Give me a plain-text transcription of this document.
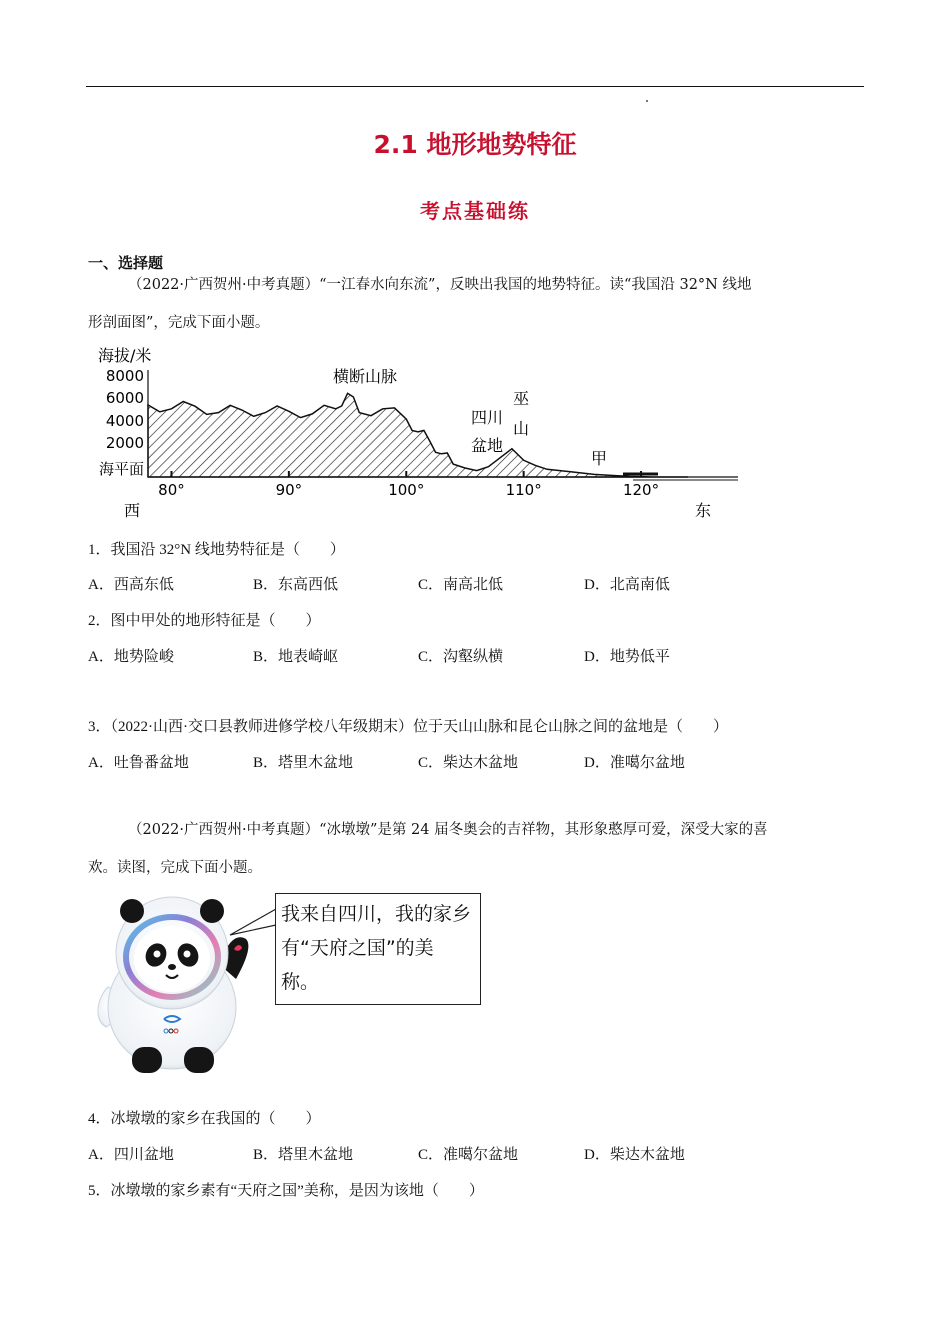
2.1 地形地势特征
考点基础练
一、选择题
（2022·广西贺州·中考真题）“一江春水向东流”，反映出我国的地势特征。读“我国沿 32°N 线地
形剖面图”，完成下面小题。
海拔/米
8000
6000
4000
2000
海平面
80°	90°	100°	110°	120°
横断山脉
四川
盆地
巫
山
甲
西	东
1．我国沿 32°N 线地势特征是（　　）
A．西高东低	B．东高西低	C．南高北低	D．北高南低
2．图中甲处的地形特征是（　　）
A．地势险峻	B．地表崎岖	C．沟壑纵横	D．地势低平
3．（2022·山西·交口县教师进修学校八年级期末）位于天山山脉和昆仑山脉之间的盆地是（　　）
A．吐鲁番盆地	B．塔里木盆地	C．柴达木盆地	D．准噶尔盆地
（2022·广西贺州·中考真题）“冰墩墩”是第 24 届冬奥会的吉祥物，其形象憨厚可爱，深受大家的喜
欢。读图，完成下面小题。
我来自四川，我的家乡
有“天府之国”的美
称。
4．冰墩墩的家乡在我国的（　　）
A．四川盆地	B．塔里木盆地	C．准噶尔盆地	D．柴达木盆地
5．冰墩墩的家乡素有“天府之国”美称，是因为该地（　　）
